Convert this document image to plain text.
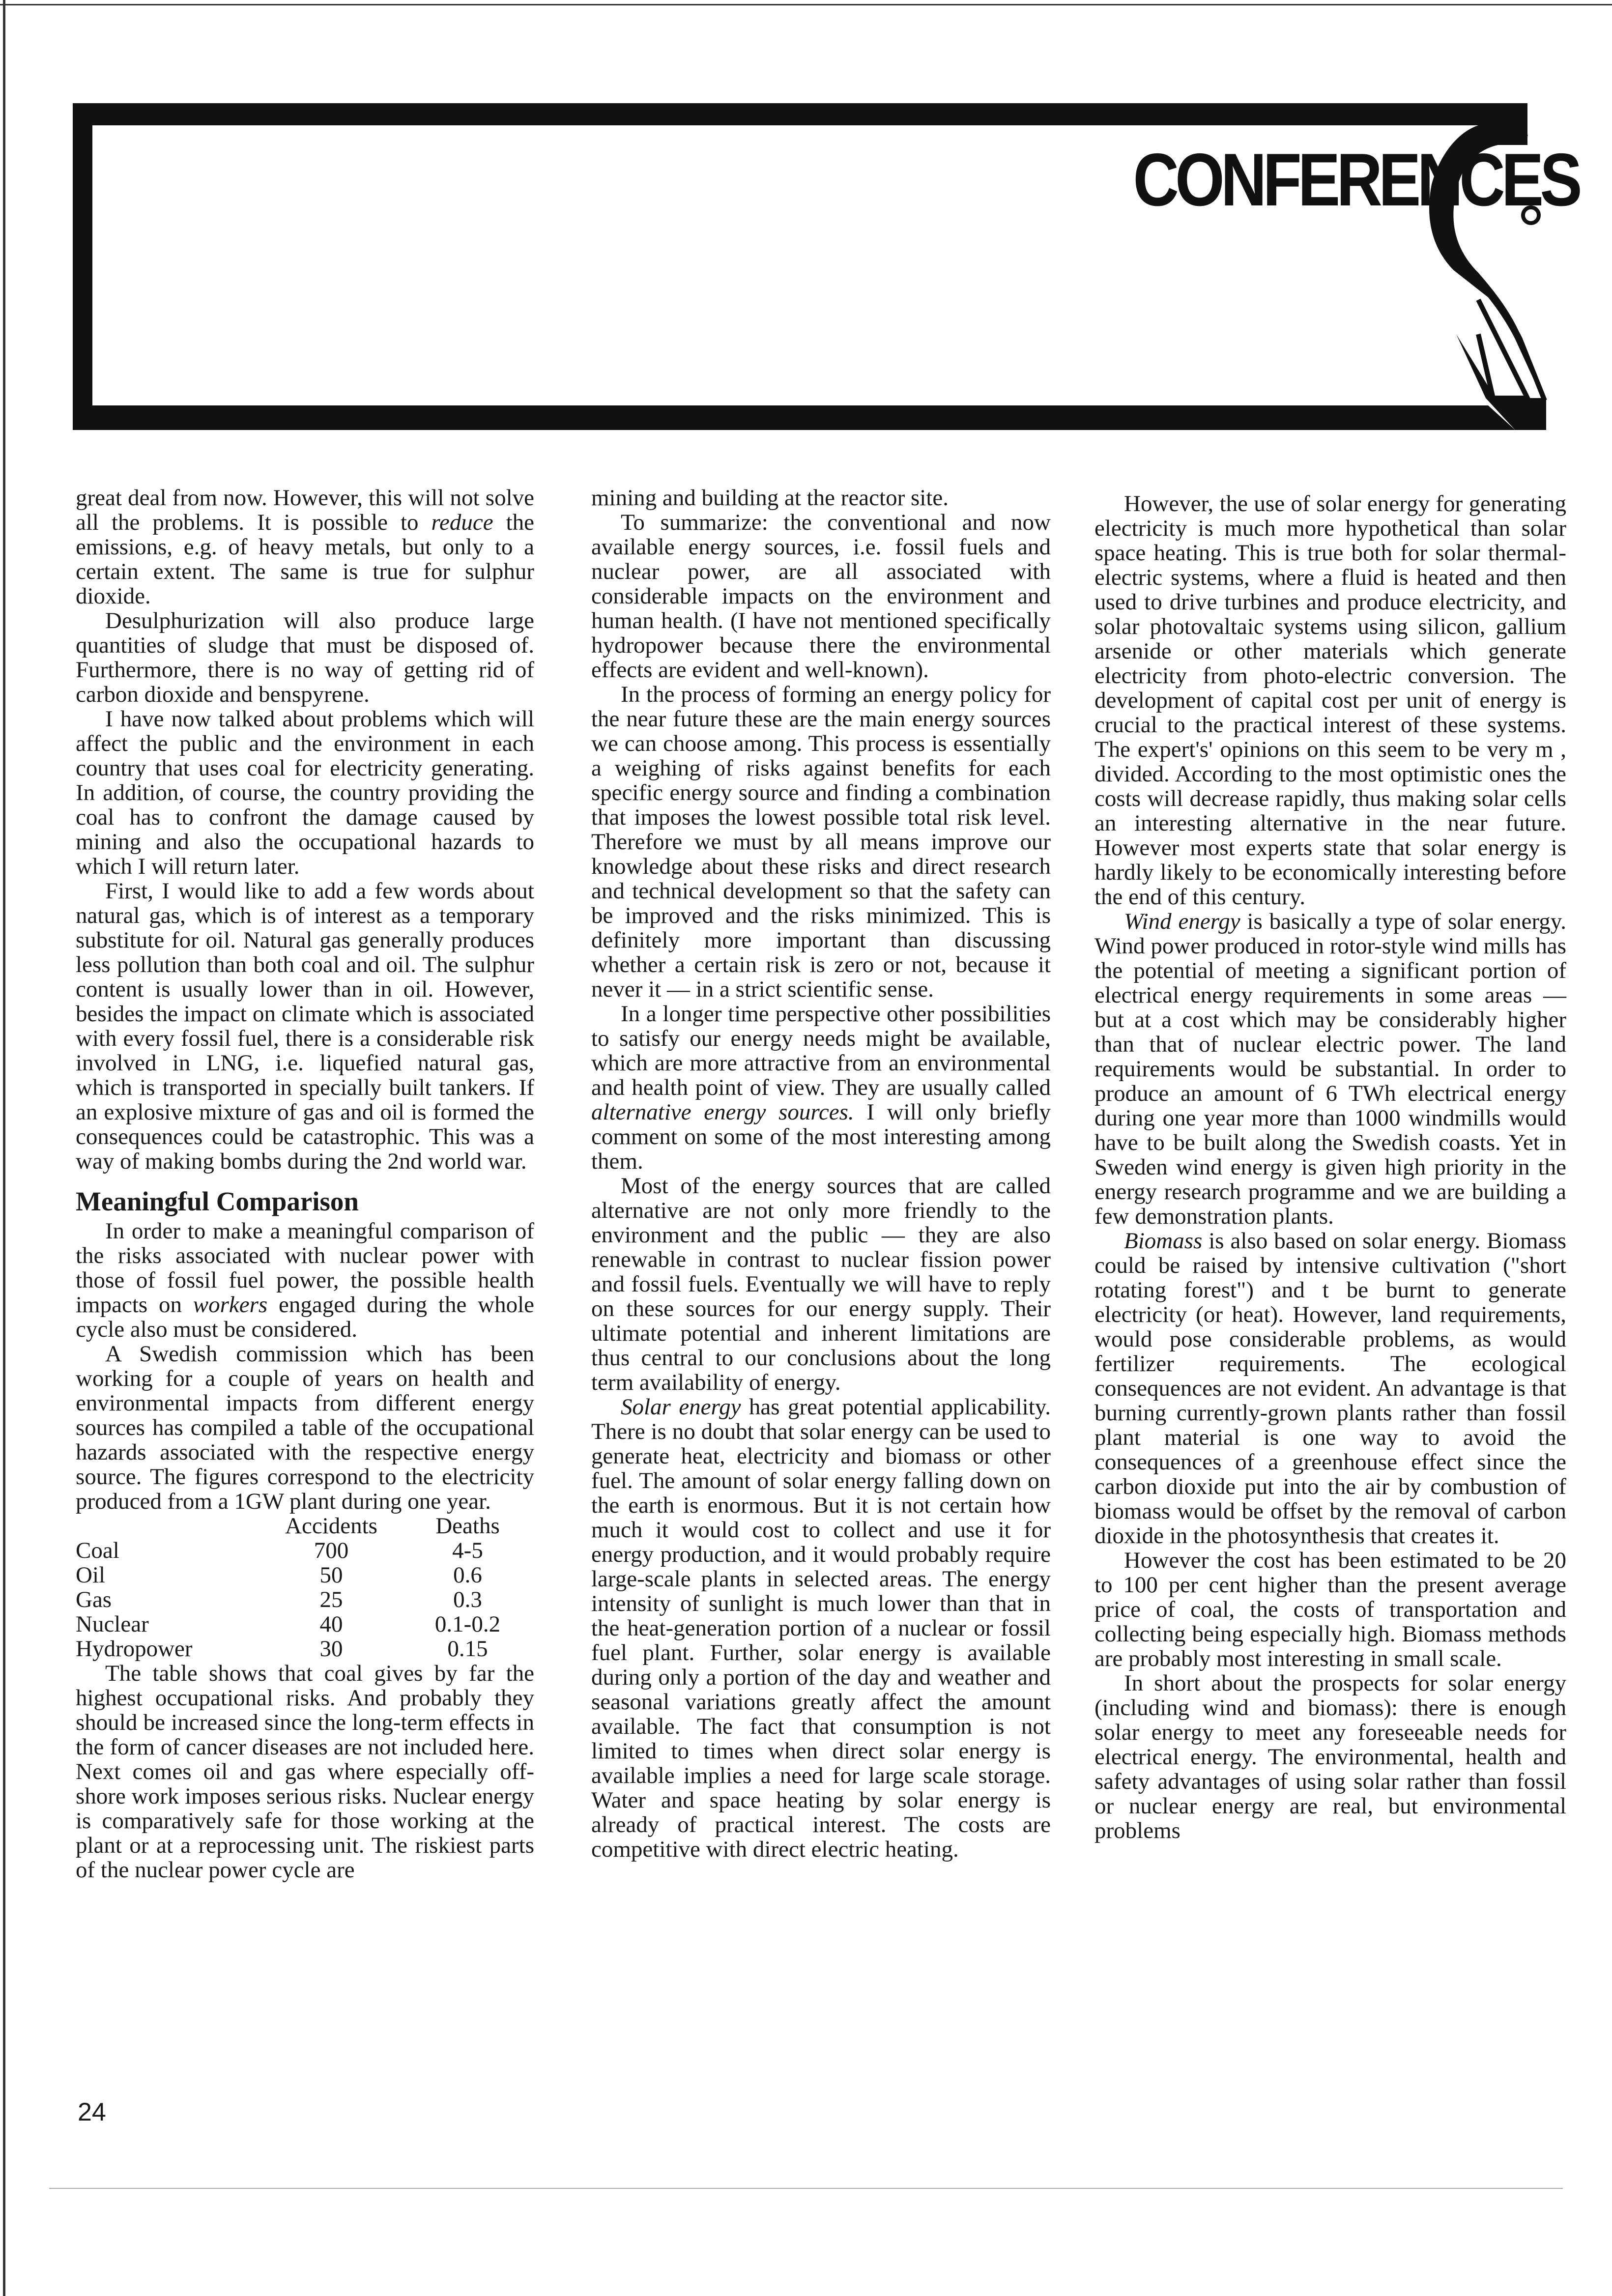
CONFERENCES

great deal from now. However, this will not solve all the problems. It is possible to reduce the emissions, e.g. of heavy metals, but only to a certain extent. The same is true for sulphur dioxide.

Desulphurization will also produce large quantities of sludge that must be disposed of. Furthermore, there is no way of getting rid of carbon dioxide and benspyrene.

I have now talked about problems which will affect the public and the environment in each country that uses coal for electricity generating. In addition, of course, the country providing the coal has to confront the damage caused by mining and also the occupational hazards to which I will return later.

First, I would like to add a few words about natural gas, which is of interest as a temporary substitute for oil. Natural gas generally produces less pollution than both coal and oil. The sulphur content is usually lower than in oil. However, besides the impact on climate which is associated with every fossil fuel, there is a considerable risk involved in LNG, i.e. liquefied natural gas, which is transported in specially built tankers. If an explosive mixture of gas and oil is formed the consequences could be catastrophic. This was a way of making bombs during the 2nd world war.

Meaningful Comparison

In order to make a meaningful comparison of the risks associated with nuclear power with those of fossil fuel power, the possible health impacts on workers engaged during the whole cycle also must be considered.

A Swedish commission which has been working for a couple of years on health and environmental impacts from different energy sources has compiled a table of the occupational hazards associated with the respective energy source. The figures correspond to the electricity produced from a 1GW plant during one year.

	Accidents	Deaths
Coal	700	4-5
Oil	50	0.6
Gas	25	0.3
Nuclear	40	0.1-0.2
Hydropower	30	0.15

The table shows that coal gives by far the highest occupational risks. And probably they should be increased since the long-term effects in the form of cancer diseases are not included here. Next comes oil and gas where especially off-shore work imposes serious risks. Nuclear energy is comparatively safe for those working at the plant or at a reprocessing unit. The riskiest parts of the nuclear power cycle are

mining and building at the reactor site.

To summarize: the conventional and now available energy sources, i.e. fossil fuels and nuclear power, are all associated with considerable impacts on the environment and human health. (I have not mentioned specifically hydropower because there the environmental effects are evident and well-known).

In the process of forming an energy policy for the near future these are the main energy sources we can choose among. This process is essentially a weighing of risks against benefits for each specific energy source and finding a combination that imposes the lowest possible total risk level. Therefore we must by all means improve our knowledge about these risks and direct research and technical development so that the safety can be improved and the risks minimized. This is definitely more important than discussing whether a certain risk is zero or not, because it never it — in a strict scientific sense.

In a longer time perspective other possibilities to satisfy our energy needs might be available, which are more attractive from an environmental and health point of view. They are usually called alternative energy sources. I will only briefly comment on some of the most interesting among them.

Most of the energy sources that are called alternative are not only more friendly to the environment and the public — they are also renewable in contrast to nuclear fission power and fossil fuels. Eventually we will have to reply on these sources for our energy supply. Their ultimate potential and inherent limitations are thus central to our conclusions about the long term availability of energy.

Solar energy has great potential applicability. There is no doubt that solar energy can be used to generate heat, electricity and biomass or other fuel. The amount of solar energy falling down on the earth is enormous. But it is not certain how much it would cost to collect and use it for energy production, and it would probably require large-scale plants in selected areas. The energy intensity of sunlight is much lower than that in the heat-generation portion of a nuclear or fossil fuel plant. Further, solar energy is available during only a portion of the day and weather and seasonal variations greatly affect the amount available. The fact that consumption is not limited to times when direct solar energy is available implies a need for large scale storage. Water and space heating by solar energy is already of practical interest. The costs are competitive with direct electric heating.

However, the use of solar energy for generating electricity is much more hypothetical than solar space heating. This is true both for solar thermal-electric systems, where a fluid is heated and then used to drive turbines and produce electricity, and solar photovaltaic systems using silicon, gallium arsenide or other materials which generate electricity from photo-electric conversion. The development of capital cost per unit of energy is crucial to the practical interest of these systems. The expert's' opinions on this seem to be very m , divided. According to the most optimistic ones the costs will decrease rapidly, thus making solar cells an interesting alternative in the near future. However most experts state that solar energy is hardly likely to be economically interesting before the end of this century.

Wind energy is basically a type of solar energy. Wind power produced in rotor-style wind mills has the potential of meeting a significant portion of electrical energy requirements in some areas — but at a cost which may be considerably higher than that of nuclear electric power. The land requirements would be substantial. In order to produce an amount of 6 TWh electrical energy during one year more than 1000 windmills would have to be built along the Swedish coasts. Yet in Sweden wind energy is given high priority in the energy research programme and we are building a few demonstration plants.

Biomass is also based on solar energy. Biomass could be raised by intensive cultivation ("short rotating forest") and t be burnt to generate electricity (or heat). However, land requirements, would pose considerable problems, as would fertilizer requirements. The ecological consequences are not evident. An advantage is that burning currently-grown plants rather than fossil plant material is one way to avoid the consequences of a greenhouse effect since the carbon dioxide put into the air by combustion of biomass would be offset by the removal of carbon dioxide in the photosynthesis that creates it.

However the cost has been estimated to be 20 to 100 per cent higher than the present average price of coal, the costs of transportation and collecting being especially high. Biomass methods are probably most interesting in small scale.

In short about the prospects for solar energy (including wind and biomass): there is enough solar energy to meet any foreseeable needs for electrical energy. The environmental, health and safety advantages of using solar rather than fossil or nuclear energy are real, but environmental problems

24
